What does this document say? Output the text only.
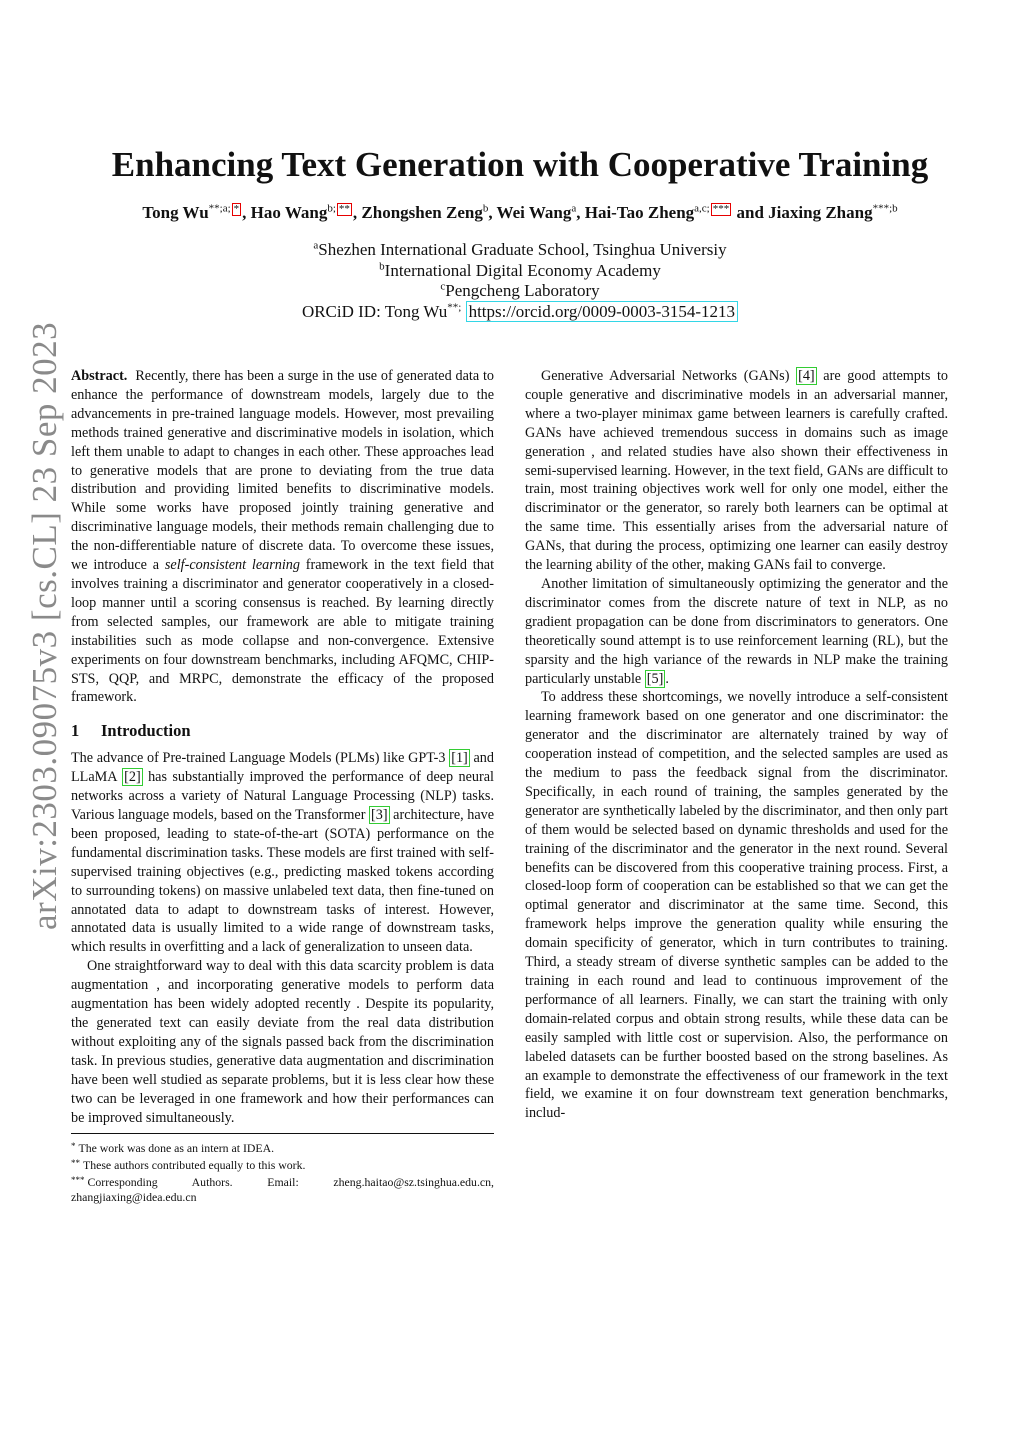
arXiv:2303.09075v3 [cs.CL] 23 Sep 2023
Enhancing Text Generation with Cooperative Training
Tong $Wu^{**;a;}$ * , Hao Wang$^{b;}$ ** , Zhongshen Zeng$^b$, Wei Wang$^a$, Hai-Tao Zheng$^{a,c;}$ *** and Jiaxing Zhang$^{***;b}$
$^a$Shezhen International Graduate School, Tsinghua Universiy
$^b$International Digital Economy Academy
$^c$Pengcheng Laboratory
ORCiD ID: Tong Wu**; https://orcid.org/0009-0003-3154-1213

Abstract. Recently, there has been a surge in the use of generated data to enhance the performance of downstream models, largely due to the advancements in pre-trained language models. However, most prevailing methods trained generative and discriminative models in isolation, which left them unable to adapt to changes in each other. These approaches lead to generative models that are prone to deviating from the true data distribution and providing limited benefits to discriminative models. While some works have proposed jointly training generative and discriminative language models, their methods remain challenging due to the non-differentiable nature of discrete data. To overcome these issues, we introduce a self-consistent learning framework in the text field that involves training a discriminator and generator cooperatively in a closed-loop manner until a scoring consensus is reached. By learning directly from selected samples, our framework are able to mitigate training instabilities such as mode collapse and non-convergence. Extensive experiments on four downstream benchmarks, including AFQMC, CHIP-STS, QQP, and MRPC, demonstrate the efficacy of the proposed framework.

1 Introduction

The advance of Pre-trained Language Models (PLMs) like GPT-3 [1] and LLaMA [2] has substantially improved the performance of deep neural networks across a variety of Natural Language Processing (NLP) tasks. Various language models, based on the Transformer [3] architecture, have been proposed, leading to state-of-the-art (SOTA) performance on the fundamental discrimination tasks. These models are first trained with self-supervised training objectives (e.g., predicting masked tokens according to surrounding tokens) on massive unlabeled text data, then fine-tuned on annotated data to adapt to downstream tasks of interest. However, annotated data is usually limited to a wide range of downstream tasks, which results in overfitting and a lack of generalization to unseen data.

One straightforward way to deal with this data scarcity problem is data augmentation , and incorporating generative models to perform data augmentation has been widely adopted recently . Despite its popularity, the generated text can easily deviate from the real data distribution without exploiting any of the signals passed back from the discrimination task. In previous studies, generative data augmentation and discrimination have been well studied as separate problems, but it is less clear how these two can be leveraged in one framework and how their performances can be improved simultaneously.

Generative Adversarial Networks (GANs) [4] are good attempts to couple generative and discriminative models in an adversarial manner, where a two-player minimax game between learners is carefully crafted. GANs have achieved tremendous success in domains such as image generation , and related studies have also shown their effectiveness in semi-supervised learning. However, in the text field, GANs are difficult to train, most training objectives work well for only one model, either the discriminator or the generator, so rarely both learners can be optimal at the same time. This essentially arises from the adversarial nature of GANs, that during the process, optimizing one learner can easily destroy the learning ability of the other, making GANs fail to converge.

Another limitation of simultaneously optimizing the generator and the discriminator comes from the discrete nature of text in NLP, as no gradient propagation can be done from discriminators to generators. One theoretically sound attempt is to use reinforcement learning (RL), but the sparsity and the high variance of the rewards in NLP make the training particularly unstable [5] .

To address these shortcomings, we novelly introduce a self-consistent learning framework based on one generator and one discriminator: the generator and the discriminator are alternately trained by way of cooperation instead of competition, and the selected samples are used as the medium to pass the feedback signal from the discriminator. Specifically, in each round of training, the samples generated by the generator are synthetically labeled by the discriminator, and then only part of them would be selected based on dynamic thresholds and used for the training of the discriminator and the generator in the next round. Several benefits can be discovered from this cooperative training process. First, a closed-loop form of cooperation can be established so that we can get the optimal generator and discriminator at the same time. Second, this framework helps improve the generation quality while ensuring the domain specificity of generator, which in turn contributes to training. Third, a steady stream of diverse synthetic samples can be added to the training in each round and lead to continuous improvement of the performance of all learners. Finally, we can start the training with only domain-related corpus and obtain strong results, while these data can be easily sampled with little cost or supervision. Also, the performance on labeled datasets can be further boosted based on the strong baselines. As an example to demonstrate the effectiveness of our framework in the text field, we examine it on four downstream text generation benchmarks, includ-

* The work was done as an intern at IDEA.
** These authors contributed equally to this work.
*** Corresponding Authors. Email: zheng.haitao@sz.tsinghua.edu.cn, zhangjiaxing@idea.edu.cn
